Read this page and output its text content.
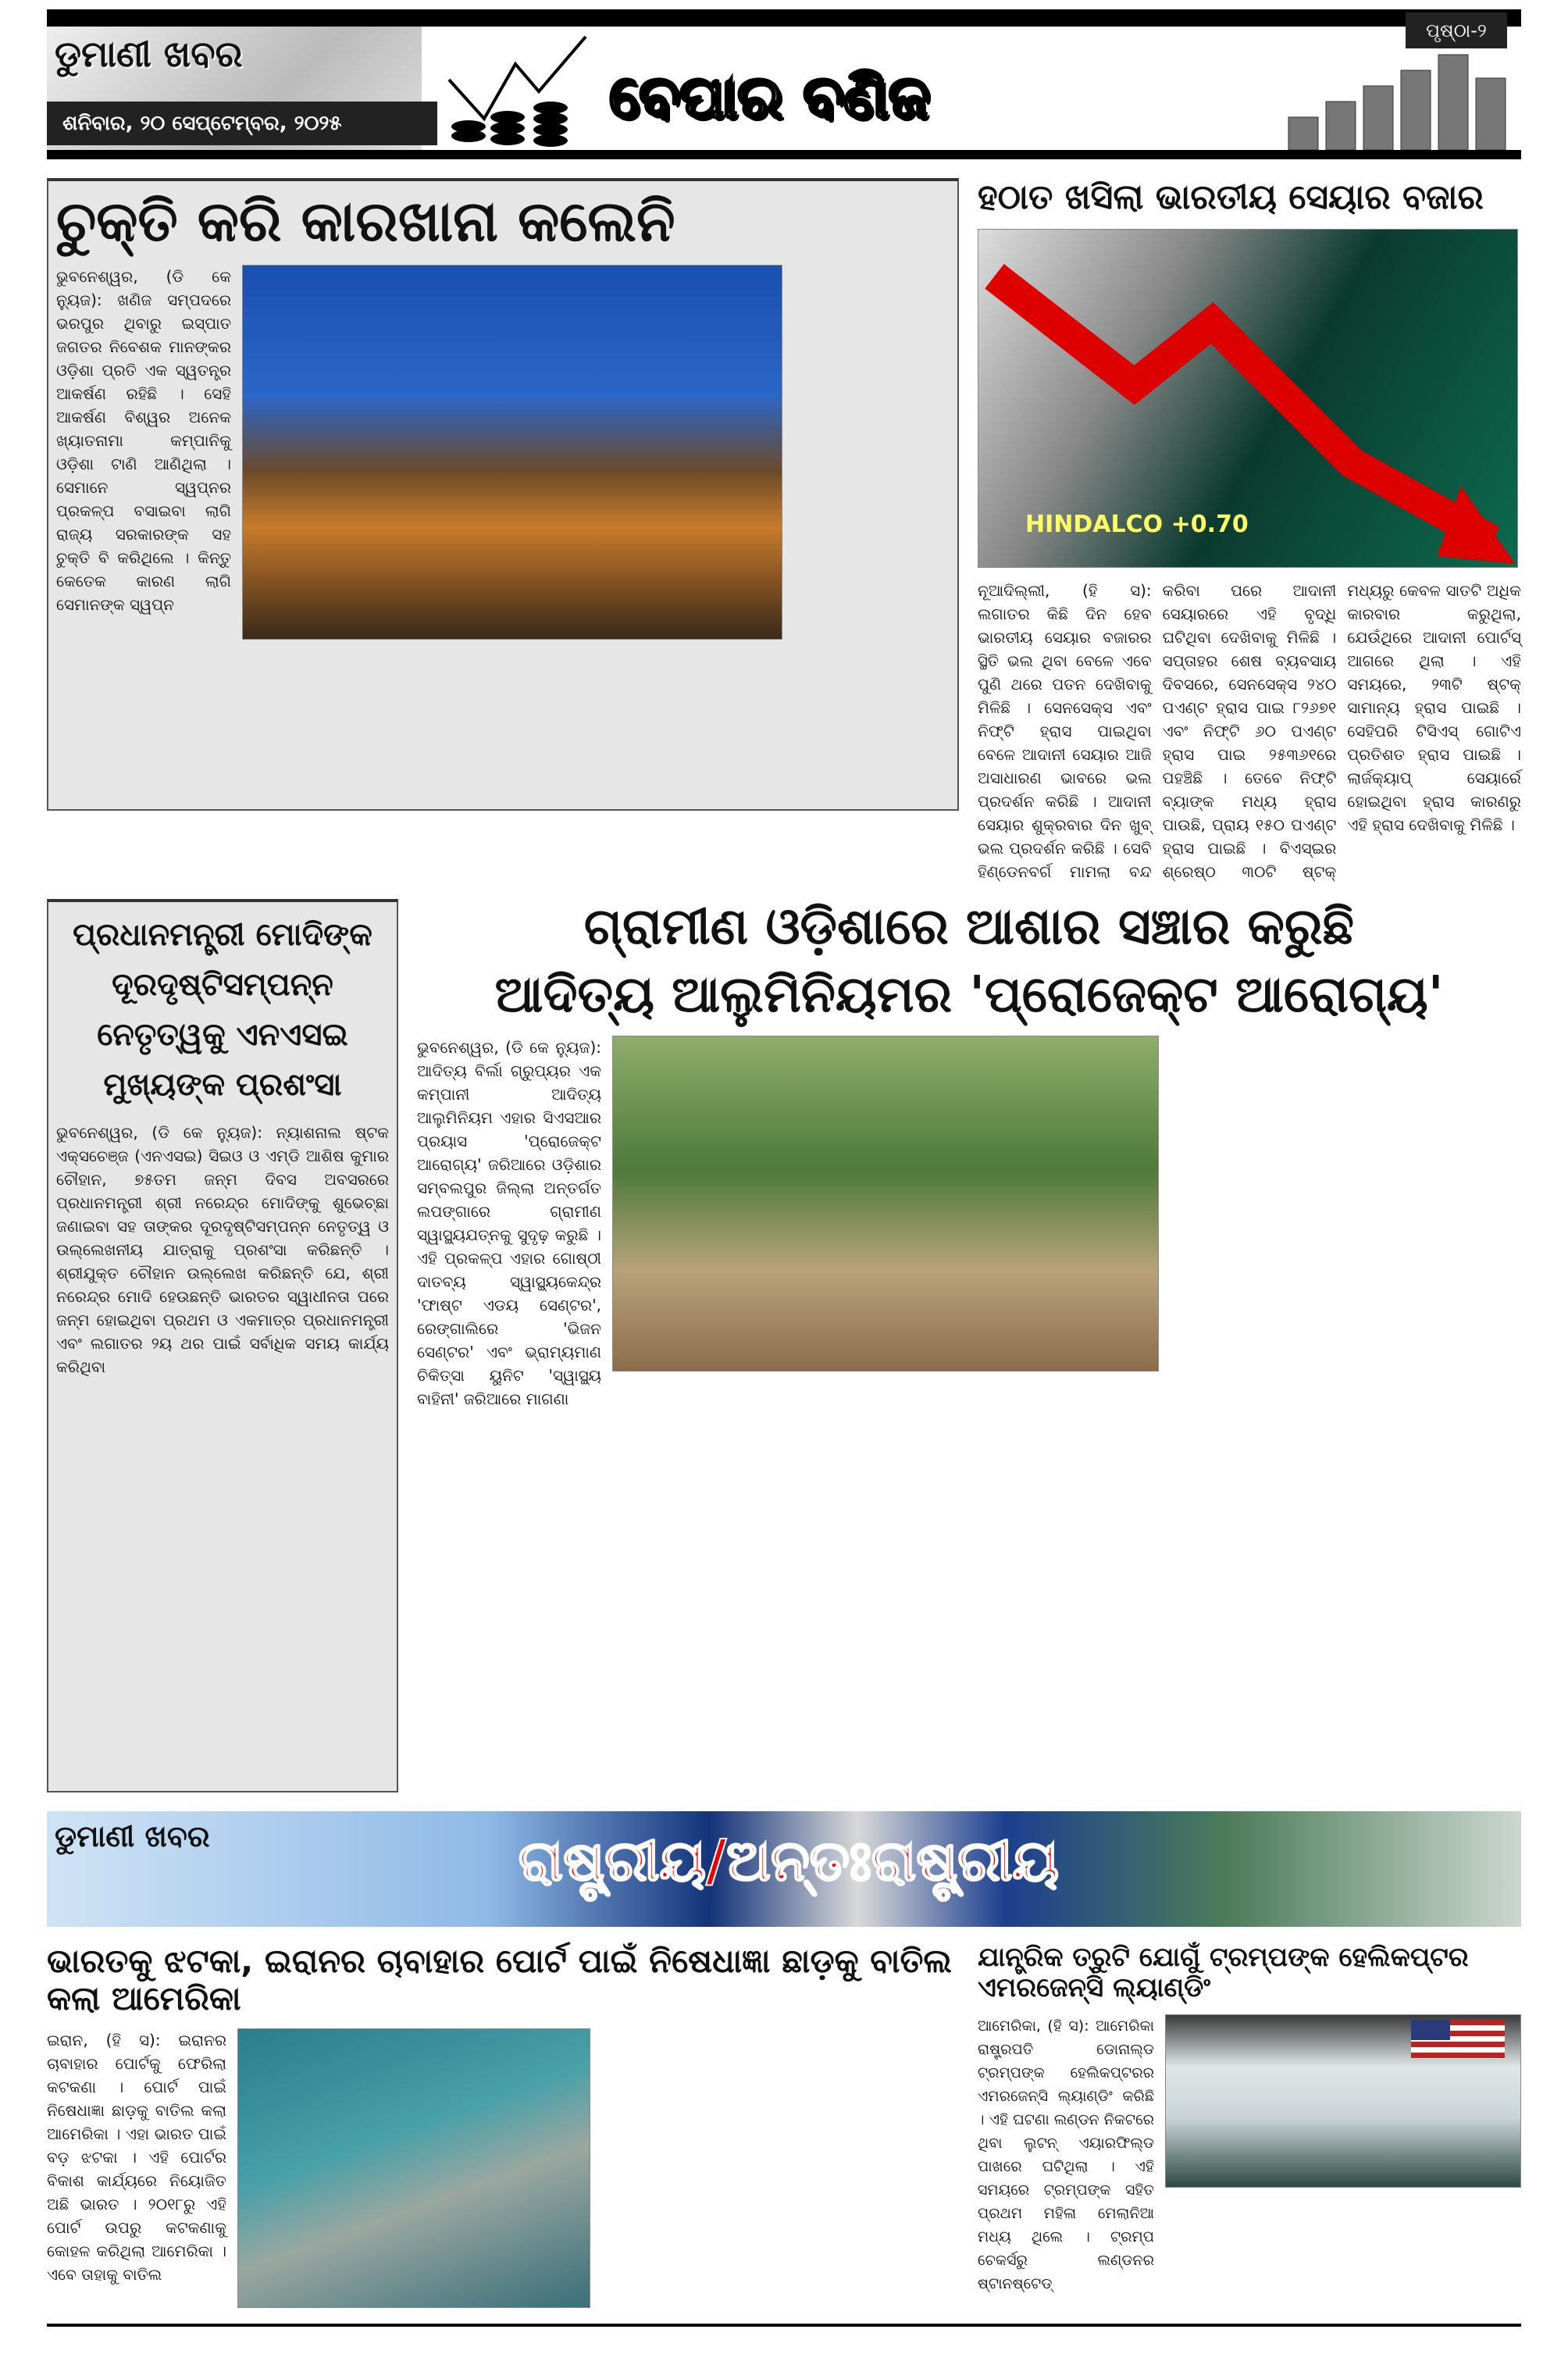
ଡୁମାଣୀ ଖବର
ଶନିବାର, ୨୦ ସେପ୍ଟେମ୍ବର, ୨୦୨୫	ବେପାର ବଣିଜ
ପୃଷ୍ଠା-୨
ଚୁକ୍ତି କରି କାରଖାନା କଲେନି
ଭୁବନେଶ୍ୱର, (ଡି କେ ନ୍ୟୁଜ): ଖଣିଜ ସମ୍ପଦରେ ଭରପୁର ଥିବାରୁ ଇସ୍ପାତ ଜଗତର ନିବେଶକ ମାନଙ୍କର ଓଡ଼ିଶା ପ୍ରତି ଏକ ସ୍ୱତନ୍ତ୍ର ଆକର୍ଷଣ ରହିଛି । ସେହି ଆକର୍ଷଣ ବିଶ୍ୱର ଅନେକ ଖ୍ୟାତନାମା କମ୍ପାନିକୁ ଓଡ଼ିଶା ଟାଣି ଆଣିଥିଲା । ସେମାନେ ସ୍ୱପ୍ନର ପ୍ରକଳ୍ପ ବସାଇବା ଲାଗି ରାଜ୍ୟ ସରକାରଙ୍କ ସହ ଚୁକ୍ତି ବି କରିଥିଲେ । କିନ୍ତୁ କେତେକ କାରଣ ଲାଗି ସେମାନଙ୍କ ସ୍ୱପ୍ନ
ହଠାତ ଖସିଲା ଭାରତୀୟ ସେୟାର ବଜାର
HINDALCO +0.70
ନୂଆଦିଲ୍ଲୀ, (ହି ସ): ଲଗାତର କିଛି ଦିନ ହେବ ଭାରତୀୟ ସେୟାର ବଜାରର ସ୍ଥିତି ଭଲ ଥିବା ବେଳେ ଏବେ ପୁଣି ଥରେ ପତନ ଦେଖିବାକୁ ମିଳିଛି । ସେନସେକ୍ସ ଏବଂ ନିଫ୍ଟି ହ୍ରାସ ପାଇଥିବା ବେଳେ ଆଦାନୀ ସେୟାର ଆଜି ଅସାଧାରଣ ଭାବରେ ଭଲ ପ୍ରଦର୍ଶନ କରିଛି । ଆଦାନୀ ସେୟାର ଶୁକ୍ରବାର ଦିନ ଖୁବ୍ ଭଲ ପ୍ରଦର୍ଶନ କରିଛି । ସେବି ହିଣ୍ଡେନବର୍ଗ ମାମଲା ବନ୍ଦ କରିବା ପରେ ଆଦାନୀ ସେୟାରରେ ଏହି ବୃଦ୍ଧି ଘଟିଥିବା ଦେଖିବାକୁ ମିଳିଛି । ସପ୍ତାହର ଶେଷ ବ୍ୟବସାୟ ଦିବସରେ, ସେନସେକ୍ସ ୨୪୦ ପଏଣ୍ଟ ହ୍ରାସ ପାଇ ୮୨୬୭୧ ଏବଂ ନିଫ୍ଟି ୬୦ ପଏଣ୍ଟ ହ୍ରାସ ପାଇ ୨୫୩୬୧ରେ ପହଞ୍ଚିଛି । ତେବେ ନିଫ୍ଟି ବ୍ୟାଙ୍କ ମଧ୍ୟ ହ୍ରାସ ପାଉଛି, ପ୍ରାୟ ୧୫୦ ପଏଣ୍ଟ ହ୍ରାସ ପାଇଛି । ବିଏସ୍ଇର ଶ୍ରେଷ୍ଠ ୩୦ଟି ଷ୍ଟକ୍ ମଧ୍ୟରୁ କେବଳ ସାତଟି ଅଧିକ କାରବାର କରୁଥିଲା, ଯେଉଁଥିରେ ଆଦାନୀ ପୋର୍ଟସ୍ ଆଗରେ ଥିଲା । ଏହି ସମୟରେ, ୨୩ଟି ଷ୍ଟକ୍ ସାମାନ୍ୟ ହ୍ରାସ ପାଇଛି । ସେହିପରି ଟିସିଏସ୍ ଗୋଟିଏ ପ୍ରତିଶତ ହ୍ରାସ ପାଇଛି । ଲାର୍ଜକ୍ୟାପ୍ ସେୟାର୍ରେ ହୋଇଥିବା ହ୍ରାସ କାରଣରୁ ଏହି ହ୍ରାସ ଦେଖିବାକୁ ମିଳିଛି ।
ପ୍ରଧାନମନ୍ତ୍ରୀ ମୋଦିଙ୍କ ଦୂରଦୃଷ୍ଟିସମ୍ପନ୍ନ ନେତୃତ୍ୱକୁ ଏନଏସଇ ମୁଖ୍ୟଙ୍କ ପ୍ରଶଂସା
ଭୁବନେଶ୍ୱର, (ଡି କେ ନ୍ୟୁଜ): ନ୍ୟାଶନାଲ ଷ୍ଟକ ଏକ୍ସଚେଞ୍ଜ (ଏନଏସଇ) ସିଇଓ ଓ ଏମ୍ଡି ଆଶିଷ କୁମାର ଚୌହାନ, ୭୫ତମ ଜନ୍ମ ଦିବସ ଅବସରରେ ପ୍ରଧାନମନ୍ତ୍ରୀ ଶ୍ରୀ ନରେନ୍ଦ୍ର ମୋଦିଙ୍କୁ ଶୁଭେଚ୍ଛା ଜଣାଇବା ସହ ତାଙ୍କର ଦୂରଦୃଷ୍ଟିସମ୍ପନ୍ନ ନେତୃତ୍ୱ ଓ ଉଲ୍ଲେଖନୀୟ ଯାତ୍ରାକୁ ପ୍ରଶଂସା କରିଛନ୍ତି । ଶ୍ରୀଯୁକ୍ତ ଚୌହାନ ଉଲ୍ଲେଖ କରିଛନ୍ତି ଯେ, ଶ୍ରୀ ନରେନ୍ଦ୍ର ମୋଦି ହେଉଛନ୍ତି ଭାରତର ସ୍ୱାଧୀନତା ପରେ ଜନ୍ମ ହୋଇଥିବା ପ୍ରଥମ ଓ ଏକମାତ୍ର ପ୍ରଧାନମନ୍ତ୍ରୀ ଏବଂ ଲଗାତର ୨ୟ ଥର ପାଇଁ ସର୍ବାଧିକ ସମୟ କାର୍ଯ୍ୟ କରିଥିବା
ଗ୍ରାମୀଣ ଓଡ଼ିଶାରେ ଆଶାର ସଞ୍ଚାର କରୁଛି
ଆଦିତ୍ୟ ଆଲୁମିନିୟମର 'ପ୍ରୋଜେକ୍ଟ ଆରୋଗ୍ୟ'
ଭୁବନେଶ୍ୱର, (ଡି କେ ନ୍ୟୁଜ): ଆଦିତ୍ୟ ବିର୍ଲା ଗ୍ରୁପ୍ୟର ଏକ କମ୍ପାନୀ ଆଦିତ୍ୟ ଆଲୁମିନିୟମ ଏହାର ସିଏସଆର ପ୍ରୟାସ 'ପ୍ରୋଜେକ୍ଟ ଆରୋଗ୍ୟ' ଜରିଆରେ ଓଡ଼ିଶାର ସମ୍ବଲପୁର ଜିଲ୍ଲା ଅନ୍ତର୍ଗତ ଲପଙ୍ଗାରେ ଗ୍ରାମୀଣ ସ୍ୱାସ୍ଥ୍ୟଯତ୍ନକୁ ସୁଦୃଢ଼ କରୁଛି । ଏହି ପ୍ରକଳ୍ପ ଏହାର ଗୋଷ୍ଠୀ ଦାତବ୍ୟ ସ୍ୱାସ୍ଥ୍ୟକେନ୍ଦ୍ର 'ଫାଷ୍ଟ ଏଡୟ ସେଣ୍ଟର', ରେଙ୍ଗାଲିରେ 'ଭିଜନ ସେଣ୍ଟର' ଏବଂ ଭ୍ରାମ୍ୟମାଣ ଚିକିତ୍ସା ୟୁନିଟ 'ସ୍ୱାସ୍ଥ୍ୟ ବାହିନୀ' ଜରିଆରେ ମାଗଣା
ଡୁମାଣୀ ଖବର	ରାଷ୍ଟ୍ରୀୟ/ଅନ୍ତଃରାଷ୍ଟ୍ରୀୟ
ଭାରତକୁ ଝଟକା, ଇରାନର ଚାବାହାର ପୋର୍ଟ ପାଇଁ ନିଷେଧାଜ୍ଞା ଛାଡ଼କୁ ବାତିଲ କଲା ଆମେରିକା
ଇରାନ, (ହି ସ): ଇରାନର ଚାବାହାର ପୋର୍ଟକୁ ଫେରିଲା କଟକଣା । ପୋର୍ଟ ପାଇଁ ନିଷେଧାଜ୍ଞା ଛାଡ଼କୁ ବାତିଲ କଲା ଆମେରିକା । ଏହା ଭାରତ ପାଇଁ ବଡ଼ ଝଟକା । ଏହି ପୋର୍ଟର ବିକାଶ କାର୍ଯ୍ୟରେ ନିୟୋଜିତ ଅଛି ଭାରତ । ୨୦୧୮ରୁ ଏହି ପୋର୍ଟ ଉପରୁ କଟକଣାକୁ କୋହଳ କରିଥିଲା ଆମେରିକା । ଏବେ ତାହାକୁ ବାତିଲ
ଯାନ୍ତ୍ରିକ ତ୍ରୁଟି ଯୋଗୁଁ ଟ୍ରମ୍ପଙ୍କ ହେଲିକପ୍ଟର ଏମରଜେନ୍ସି ଲ୍ୟାଣ୍ଡିଂ
ଆମେରିକା, (ହି ସ): ଆମେରିକା ରାଷ୍ଟ୍ରପତି ଡୋନାଲ୍ଡ ଟ୍ରମ୍ପଙ୍କ ହେଲିକପ୍ଟରର ଏମରଜେନ୍ସି ଲ୍ୟାଣ୍ଡିଂ କରିଛି । ଏହି ଘଟଣା ଲଣ୍ଡନ ନିକଟରେ ଥିବା ଲୁଟନ୍ ଏୟାରଫିଲ୍ଡ ପାଖରେ ଘଟିଥିଲା । ଏହି ସମୟରେ ଟ୍ରମ୍ପଙ୍କ ସହିତ ପ୍ରଥମ ମହିଳା ମେଲାନିଆ ମଧ୍ୟ ଥିଲେ । ଟ୍ରମ୍ପ ଚେକର୍ସରୁ ଲଣ୍ଡନର ଷ୍ଟାନଷ୍ଟେଡ୍
